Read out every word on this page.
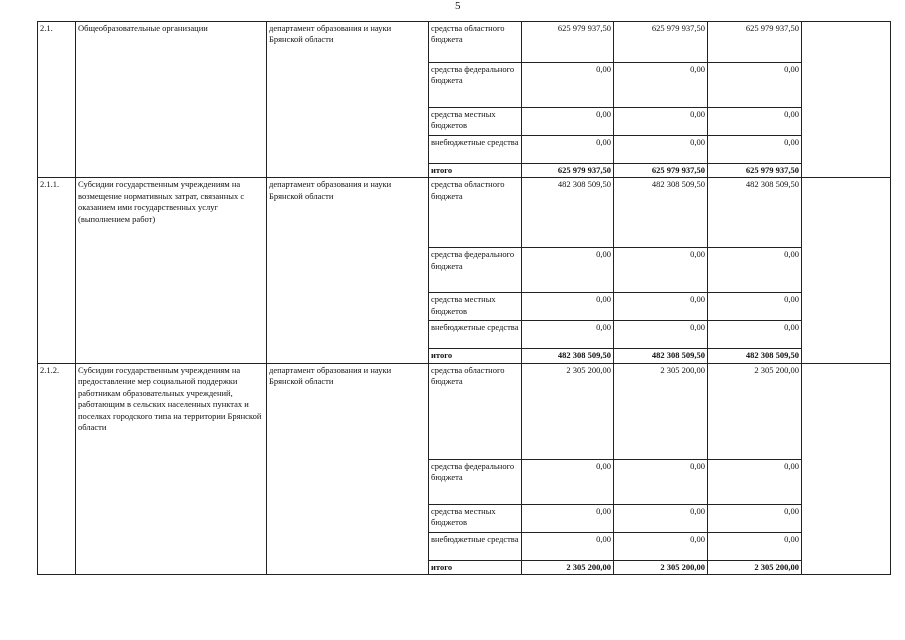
5
2.1.	Общеобразовательные организации	департамент образования и науки Брянской области	средства областного бюджета	625 979 937,50	625 979 937,50	625 979 937,50	
			средства федерального бюджета	0,00	0,00	0,00	
			средства местных бюджетов	0,00	0,00	0,00	
			внебюджетные средства	0,00	0,00	0,00	
			итого	625 979 937,50	625 979 937,50	625 979 937,50	
2.1.1.	Субсидии государственным учреждениям на возмещение нормативных затрат, связанных с оказанием ими государственных услуг (выполнением работ)	департамент образования и науки Брянской области	средства областного бюджета	482 308 509,50	482 308 509,50	482 308 509,50	
			средства федерального бюджета	0,00	0,00	0,00	
			средства местных бюджетов	0,00	0,00	0,00	
			внебюджетные средства	0,00	0,00	0,00	
			итого	482 308 509,50	482 308 509,50	482 308 509,50	
2.1.2.	Субсидии государственным учреждениям на предоставление мер социальной поддержки работникам образовательных учреждений, работающим в сельских населенных пунктах и поселках городского типа на территории Брянской области	департамент образования и науки Брянской области	средства областного бюджета	2 305 200,00	2 305 200,00	2 305 200,00	
			средства федерального бюджета	0,00	0,00	0,00	
			средства местных бюджетов	0,00	0,00	0,00	
			внебюджетные средства	0,00	0,00	0,00	
			итого	2 305 200,00	2 305 200,00	2 305 200,00	
